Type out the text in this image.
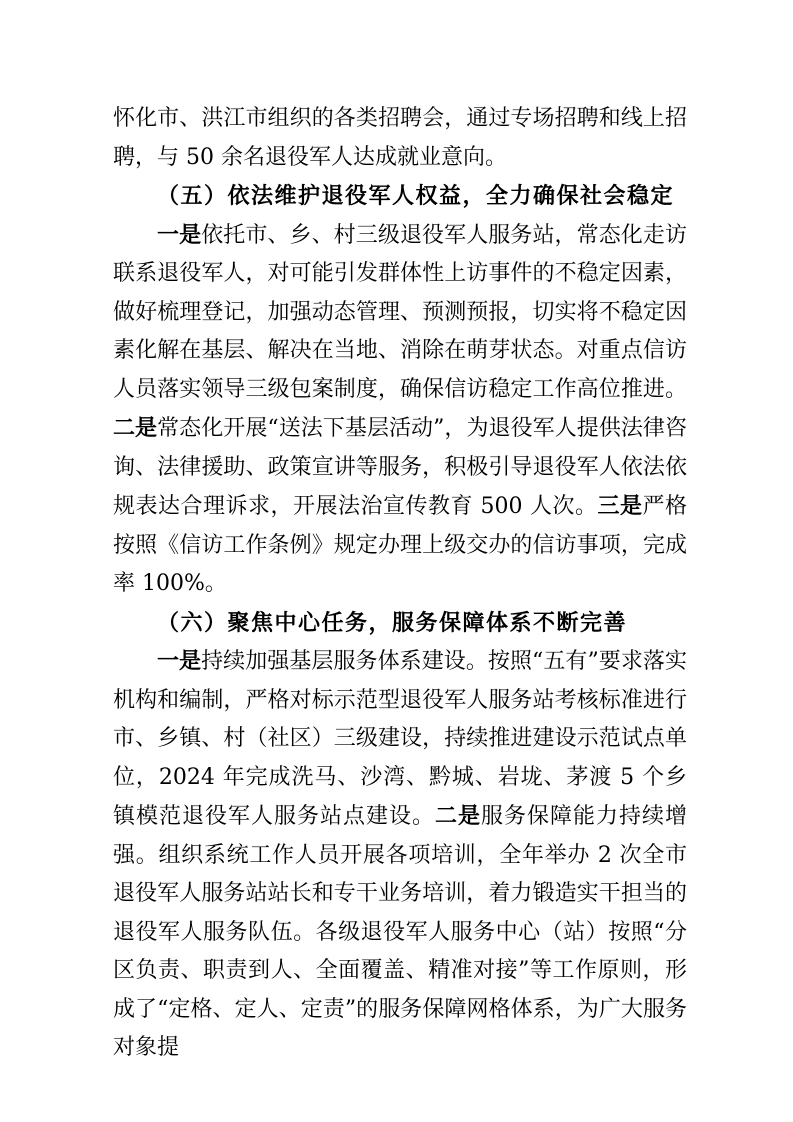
怀化市、洪江市组织的各类招聘会，通过专场招聘和线上招聘，与 50 余名退役军人达成就业意向。

（五）依法维护退役军人权益，全力确保社会稳定

一是依托市、乡、村三级退役军人服务站，常态化走访联系退役军人，对可能引发群体性上访事件的不稳定因素，做好梳理登记，加强动态管理、预测预报，切实将不稳定因素化解在基层、解决在当地、消除在萌芽状态。对重点信访人员落实领导三级包案制度，确保信访稳定工作高位推进。二是常态化开展“送法下基层活动”，为退役军人提供法律咨询、法律援助、政策宣讲等服务，积极引导退役军人依法依规表达合理诉求，开展法治宣传教育 500 人次。三是严格按照《信访工作条例》规定办理上级交办的信访事项，完成率 100%。

（六）聚焦中心任务，服务保障体系不断完善

一是持续加强基层服务体系建设。按照“五有”要求落实机构和编制，严格对标示范型退役军人服务站考核标准进行市、乡镇、村（社区）三级建设，持续推进建设示范试点单位，2024 年完成洗马、沙湾、黔城、岩垅、茅渡 5 个乡镇模范退役军人服务站点建设。二是服务保障能力持续增强。组织系统工作人员开展各项培训，全年举办 2 次全市退役军人服务站站长和专干业务培训，着力锻造实干担当的退役军人服务队伍。各级退役军人服务中心（站）按照“分区负责、职责到人、全面覆盖、精准对接”等工作原则，形成了“定格、定人、定责”的服务保障网格体系，为广大服务对象提
